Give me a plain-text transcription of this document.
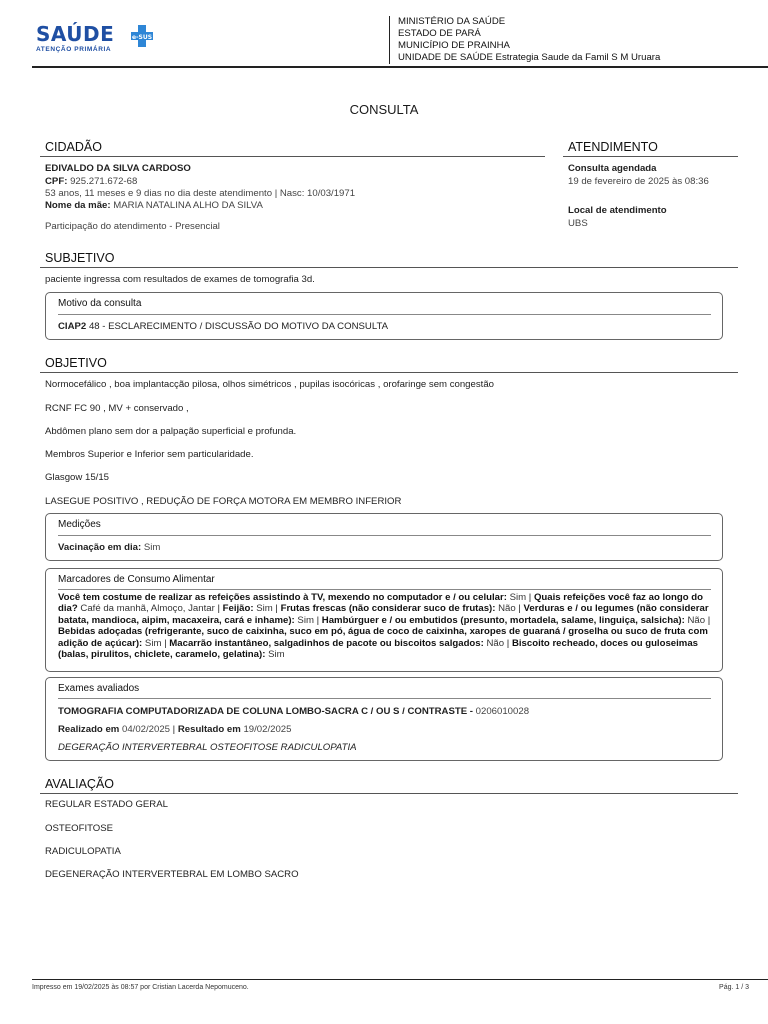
SAÚDE
ATENÇÃO PRIMÁRIA
e-SUS
MINISTÉRIO DA SAÚDE
ESTADO DE PARÁ
MUNICÍPIO DE PRAINHA
UNIDADE DE SAÚDE Estrategia Saude da Famil S M Uruara
CONSULTA
CIDADÃO
EDIVALDO DA SILVA CARDOSO
CPF: 925.271.672-68
53 anos, 11 meses e 9 dias no dia deste atendimento | Nasc: 10/03/1971
Nome da mãe: MARIA NATALINA ALHO DA SILVA
Participação do atendimento - Presencial
ATENDIMENTO
Consulta agendada
19 de fevereiro de 2025 às 08:36
Local de atendimento
UBS
SUBJETIVO
paciente ingressa com resultados de exames de tomografia 3d.
Motivo da consulta
CIAP2 48 - ESCLARECIMENTO / DISCUSSÃO DO MOTIVO DA CONSULTA
OBJETIVO
Normocefálico , boa implantacção pilosa, olhos simétricos , pupilas isocóricas , orofaringe sem congestão
RCNF FC 90 , MV + conservado ,
Abdômen plano sem dor a palpação superficial e profunda.
Membros Superior e Inferior sem particularidade.
Glasgow 15/15
LASEGUE POSITIVO , REDUÇÃO DE FORÇA MOTORA EM MEMBRO INFERIOR
Medições
Vacinação em dia: Sim
Marcadores de Consumo Alimentar
Você tem costume de realizar as refeições assistindo à TV, mexendo no computador e / ou celular: Sim | Quais refeições você faz ao longo do dia? Café da manhã, Almoço, Jantar | Feijão: Sim | Frutas frescas (não considerar suco de frutas): Não | Verduras e / ou legumes (não considerar batata, mandioca, aipim, macaxeira, cará e inhame): Sim | Hambúrguer e / ou embutidos (presunto, mortadela, salame, linguiça, salsicha): Não | Bebidas adoçadas (refrigerante, suco de caixinha, suco em pó, água de coco de caixinha, xaropes de guaraná / groselha ou suco de fruta com adição de açúcar): Sim | Macarrão instantâneo, salgadinhos de pacote ou biscoitos salgados: Não | Biscoito recheado, doces ou guloseimas (balas, pirulitos, chiclete, caramelo, gelatina): Sim
Exames avaliados
TOMOGRAFIA COMPUTADORIZADA DE COLUNA LOMBO-SACRA C / OU S / CONTRASTE - 0206010028
Realizado em 04/02/2025 | Resultado em 19/02/2025
DEGERAÇÃO INTERVERTEBRAL OSTEOFITOSE RADICULOPATIA
AVALIAÇÃO
REGULAR ESTADO GERAL
OSTEOFITOSE
RADICULOPATIA
DEGENERAÇÃO INTERVERTEBRAL EM LOMBO SACRO
Impresso em 19/02/2025 às 08:57 por Cristian Lacerda Nepomuceno.	Pág. 1 / 3
